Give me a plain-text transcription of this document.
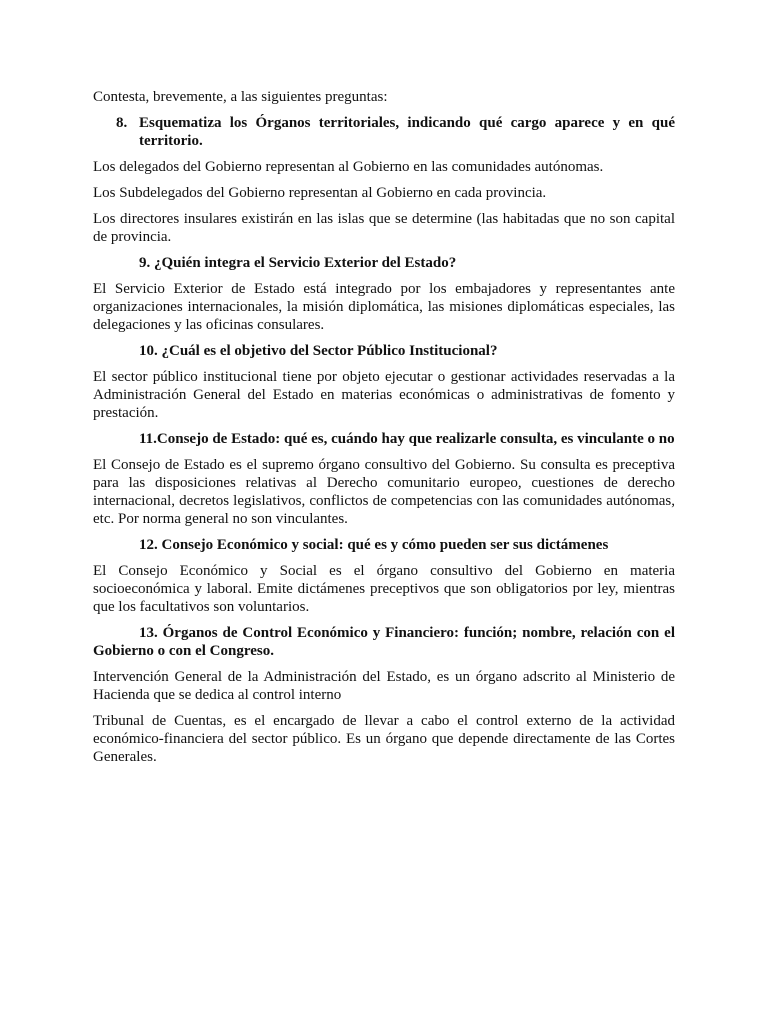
Contesta, brevemente, a las siguientes preguntas:

8. Esquematiza los Órganos territoriales, indicando qué cargo aparece y en qué territorio.

Los delegados del Gobierno representan al Gobierno en las comunidades autónomas.

Los Subdelegados del Gobierno representan al Gobierno en cada provincia.

Los directores insulares existirán en las islas que se determine (las habitadas que no son capital de provincia.

9. ¿Quién integra el Servicio Exterior del Estado?

El Servicio Exterior de Estado está integrado por los embajadores y representantes ante organizaciones internacionales, la misión diplomática, las misiones diplomáticas especiales, las delegaciones y las oficinas consulares.

10. ¿Cuál es el objetivo del Sector Público Institucional?

El sector público institucional tiene por objeto ejecutar o gestionar actividades reservadas a la Administración General del Estado en materias económicas o administrativas de fomento y prestación.

11.Consejo de Estado: qué es, cuándo hay que realizarle consulta, es vinculante o no

El Consejo de Estado es el supremo órgano consultivo del Gobierno. Su consulta es preceptiva para las disposiciones relativas al Derecho comunitario europeo, cuestiones de derecho internacional, decretos legislativos, conflictos de competencias con las comunidades autónomas, etc. Por norma general no son vinculantes.

12. Consejo Económico y social: qué es y cómo pueden ser sus dictámenes

El Consejo Económico y Social es el órgano consultivo del Gobierno en materia socioeconómica y laboral. Emite dictámenes preceptivos que son obligatorios por ley, mientras que los facultativos son voluntarios.

13. Órganos de Control Económico y Financiero: función; nombre, relación con el Gobierno o con el Congreso.

Intervención General de la Administración del Estado, es un órgano adscrito al Ministerio de Hacienda que se dedica al control interno

Tribunal de Cuentas, es el encargado de llevar a cabo el control externo de la actividad económico-financiera del sector público. Es un órgano que depende directamente de las Cortes Generales.
